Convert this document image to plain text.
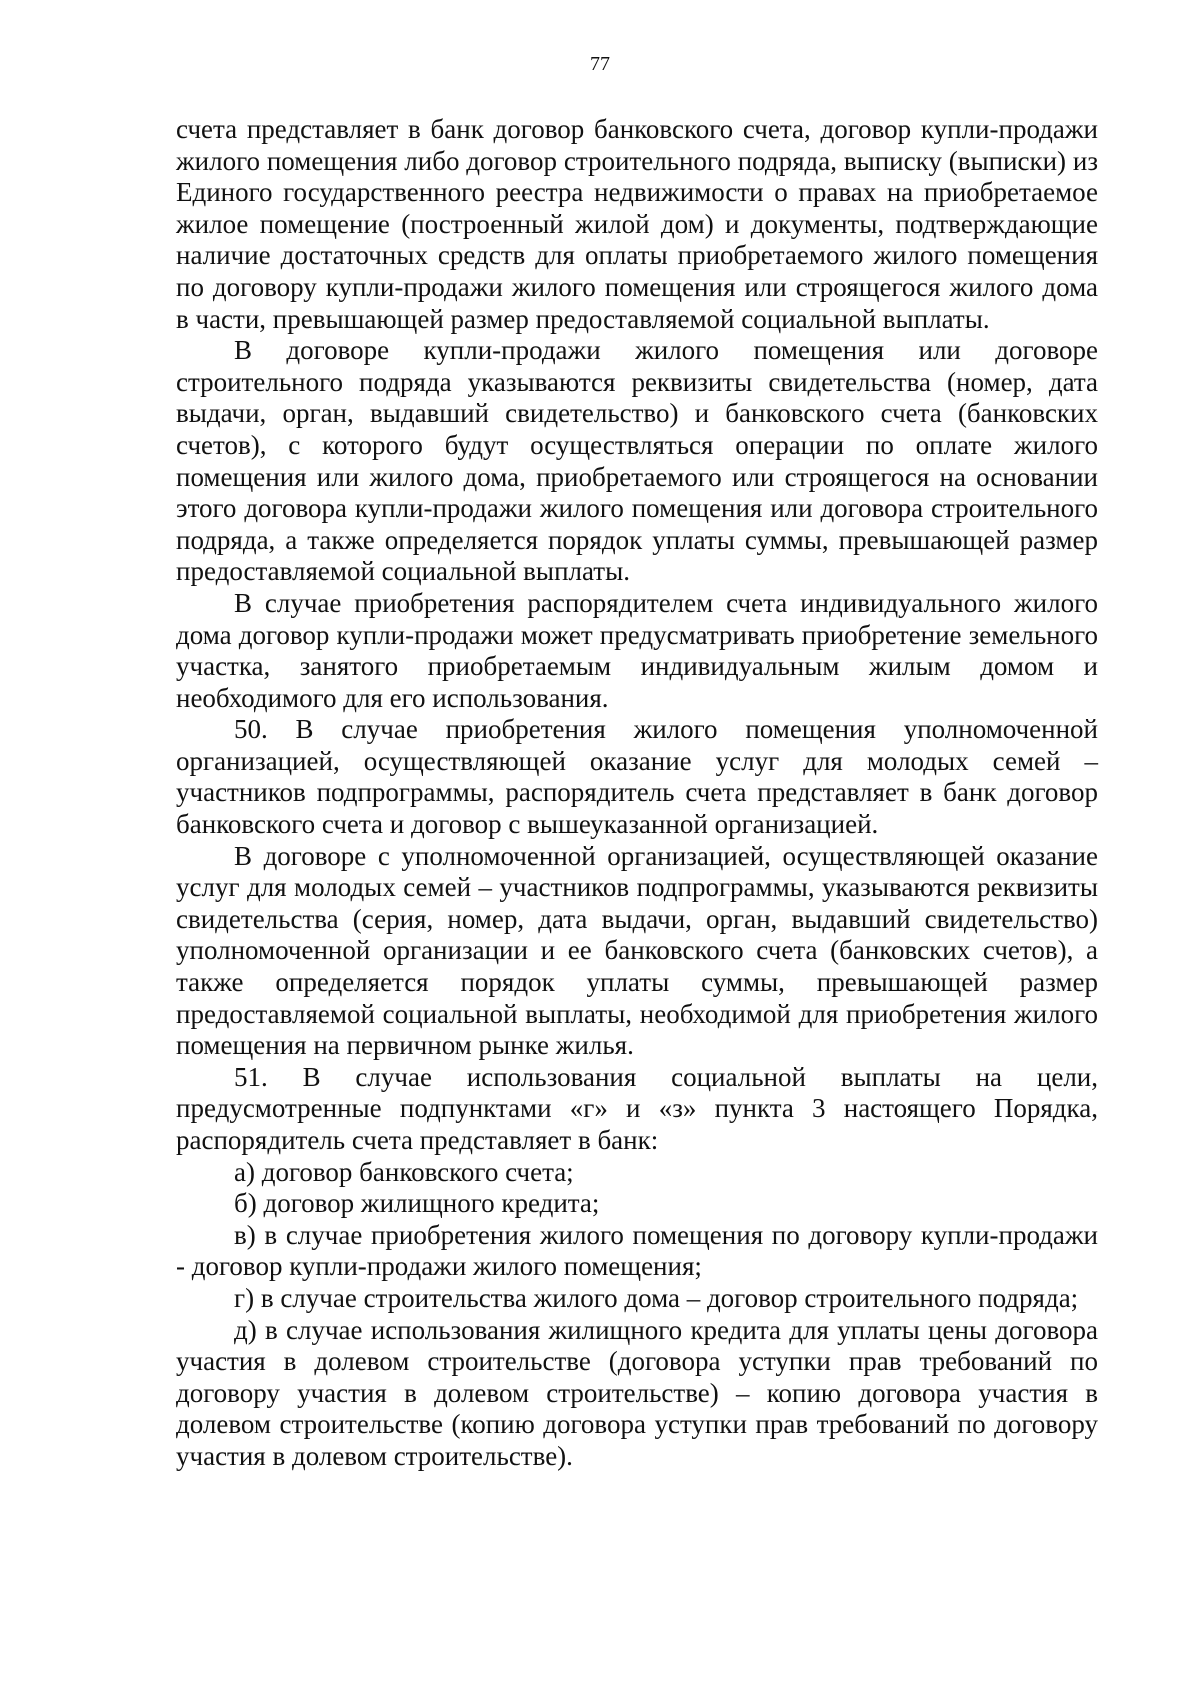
77

счета представляет в банк договор банковского счета, договор купли-продажи жилого помещения либо договор строительного подряда, выписку (выписки) из Единого государственного реестра недвижимости о правах на приобретаемое жилое помещение (построенный жилой дом) и документы, подтверждающие наличие достаточных средств для оплаты приобретаемого жилого помещения по договору купли-продажи жилого помещения или строящегося жилого дома в части, превышающей размер предоставляемой социальной выплаты.

В договоре купли-продажи жилого помещения или договоре строительного подряда указываются реквизиты свидетельства (номер, дата выдачи, орган, выдавший свидетельство) и банковского счета (банковских счетов), с которого будут осуществляться операции по оплате жилого помещения или жилого дома, приобретаемого или строящегося на основании этого договора купли-продажи жилого помещения или договора строительного подряда, а также определяется порядок уплаты суммы, превышающей размер предоставляемой социальной выплаты.

В случае приобретения распорядителем счета индивидуального жилого дома договор купли-продажи может предусматривать приобретение земельного участка, занятого приобретаемым индивидуальным жилым домом и необходимого для его использования.

50. В случае приобретения жилого помещения уполномоченной организацией, осуществляющей оказание услуг для молодых семей – участников подпрограммы, распорядитель счета представляет в банк договор банковского счета и договор с вышеуказанной организацией.

В договоре с уполномоченной организацией, осуществляющей оказание услуг для молодых семей – участников подпрограммы, указываются реквизиты свидетельства (серия, номер, дата выдачи, орган, выдавший свидетельство) уполномоченной организации и ее банковского счета (банковских счетов), а также определяется порядок уплаты суммы, превышающей размер предоставляемой социальной выплаты, необходимой для приобретения жилого помещения на первичном рынке жилья.

51. В случае использования социальной выплаты на цели, предусмотренные подпунктами «г» и «з» пункта 3 настоящего Порядка, распорядитель счета представляет в банк:

а) договор банковского счета;

б) договор жилищного кредита;

в) в случае приобретения жилого помещения по договору купли-продажи - договор купли-продажи жилого помещения;

г) в случае строительства жилого дома – договор строительного подряда;

д) в случае использования жилищного кредита для уплаты цены договора участия в долевом строительстве (договора уступки прав требований по договору участия в долевом строительстве) – копию договора участия в долевом строительстве (копию договора уступки прав требований по договору участия в долевом строительстве).
